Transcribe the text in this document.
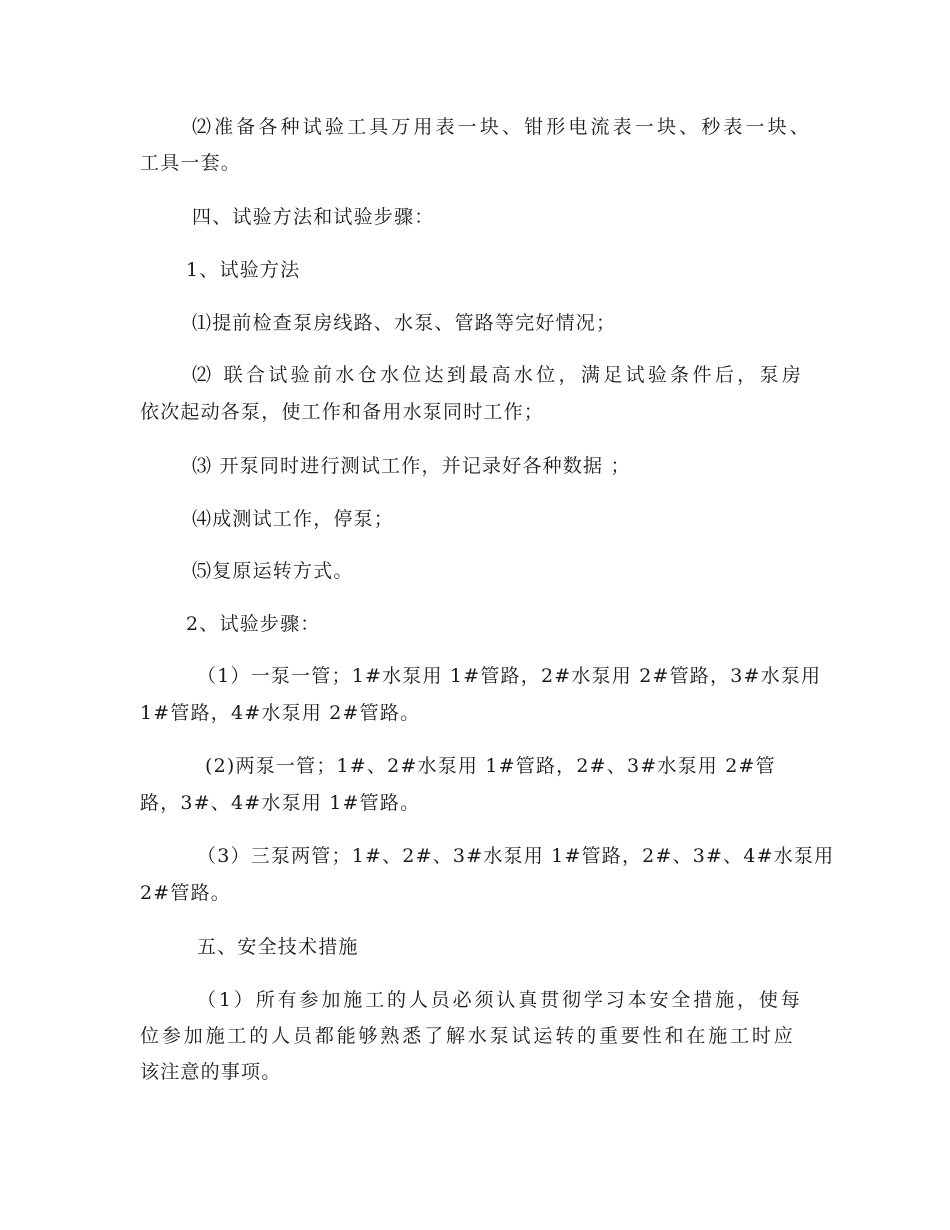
⑵准备各种试验工具万用表一块、钳形电流表一块、秒表一块、
工具一套。
四、试验方法和试验步骤：
1、试验方法
⑴提前检查泵房线路、水泵、管路等完好情况；
⑵ 联合试验前水仓水位达到最高水位，满足试验条件后，泵房
依次起动各泵，使工作和备用水泵同时工作；
⑶ 开泵同时进行测试工作，并记录好各种数据 ；
⑷成测试工作，停泵；
⑸复原运转方式。
2、试验步骤：
（1）一泵一管；1#水泵用 1#管路，2#水泵用 2#管路，3#水泵用
1#管路，4#水泵用 2#管路。
(2)两泵一管；1#、2#水泵用 1#管路，2#、3#水泵用 2#管
路，3#、4#水泵用 1#管路。
（3）三泵两管；1#、2#、3#水泵用 1#管路，2#、3#、4#水泵用
2#管路。
五、安全技术措施
（1）所有参加施工的人员必须认真贯彻学习本安全措施，使每
位参加施工的人员都能够熟悉了解水泵试运转的重要性和在施工时应
该注意的事项。
